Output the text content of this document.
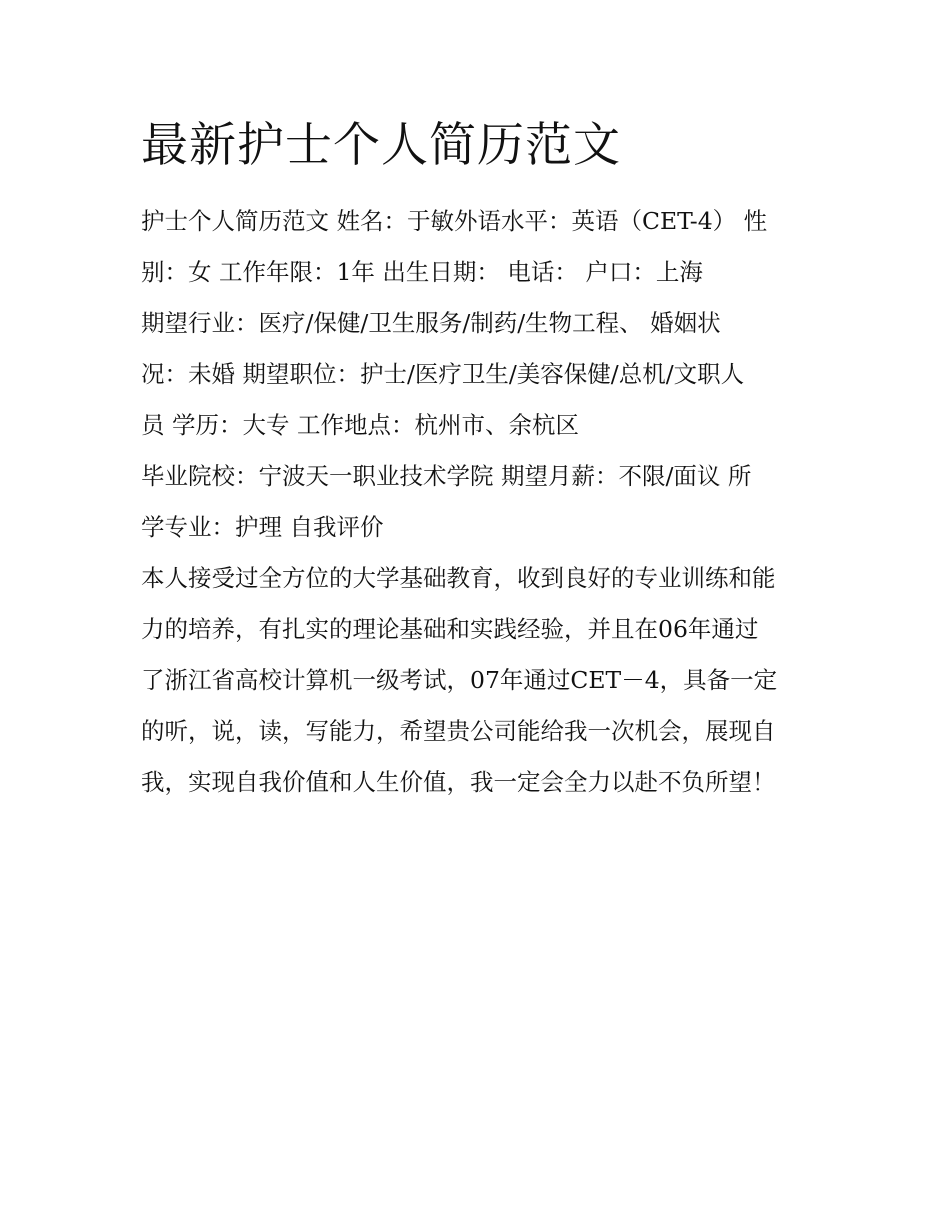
最新护士个人简历范文

护士个人简历范文 姓名：于敏外语水平：英语（CET-4） 性

别：女 工作年限：1年 出生日期： 电话： 户口：上海

期望行业：医疗/保健/卫生服务/制药/生物工程、 婚姻状

况：未婚 期望职位：护士/医疗卫生/美容保健/总机/文职人

员 学历：大专 工作地点：杭州市、余杭区

毕业院校：宁波天一职业技术学院 期望月薪：不限/面议 所

学专业：护理 自我评价

本人接受过全方位的大学基础教育，收到良好的专业训练和能

力的培养，有扎实的理论基础和实践经验，并且在06年通过

了浙江省高校计算机一级考试，07年通过CET－4，具备一定

的听，说，读，写能力，希望贵公司能给我一次机会，展现自

我，实现自我价值和人生价值，我一定会全力以赴不负所望！
